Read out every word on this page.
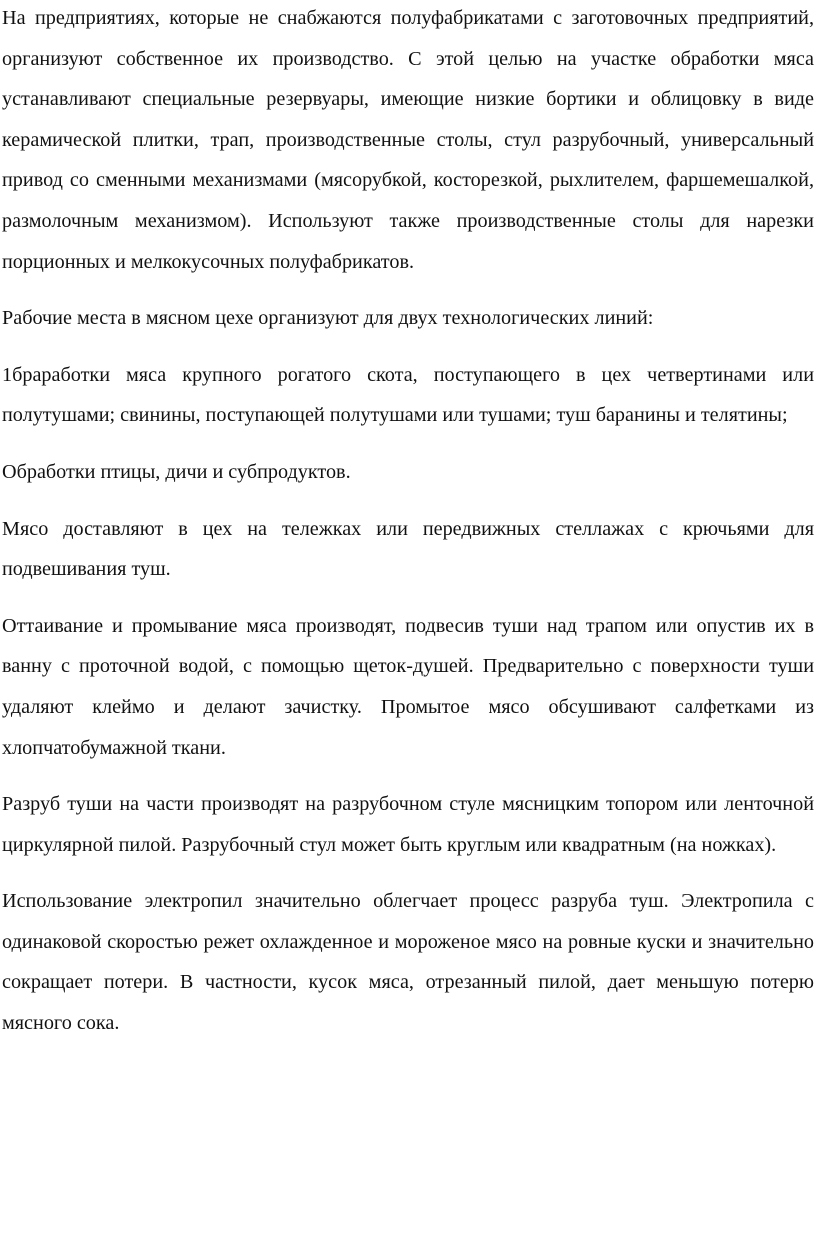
На предприятиях, которые не снабжаются полуфабрикатами с заготовочных предприятий, организуют собственное их производство. С этой целью на участке обработки мяса устанавливают специальные резервуары, имеющие низкие бортики и облицовку в виде керамической плитки, трап, производственные столы, стул разрубочный, универсальный привод со сменными механизмами (мясорубкой, косторезкой, рыхлителем, фаршемешалкой, размолочным механизмом). Используют также производственные столы для нарезки порционных и мелкокусочных полуфабрикатов.

Рабочие места в мясном цехе организуют для двух технологических линий:

1браработки мяса крупного рогатого скота, поступающего в цех четвертинами или полутушами; свинины, поступающей полутушами или тушами; туш баранины и телятины;

Обработки птицы, дичи и субпродуктов.

Мясо доставляют в цех на тележках или передвижных стеллажах с крючьями для подвешивания туш.

Оттаивание и промывание мяса производят, подвесив туши над трапом или опустив их в ванну с проточной водой, с помощью щеток-душей. Предварительно с поверхности туши удаляют клеймо и делают зачистку. Промытое мясо обсушивают салфетками из хлопчатобумажной ткани.

Разруб туши на части производят на разрубочном стуле мясницким топором или ленточной циркулярной пилой. Разрубочный стул может быть круглым или квадратным (на ножках).

Использование электропил значительно облегчает процесс разруба туш. Электропила с одинаковой скоростью режет охлажденное и мороженое мясо на ровные куски и значительно сокращает потери. В частности, кусок мяса, отрезанный пилой, дает меньшую потерю мясного сока.
